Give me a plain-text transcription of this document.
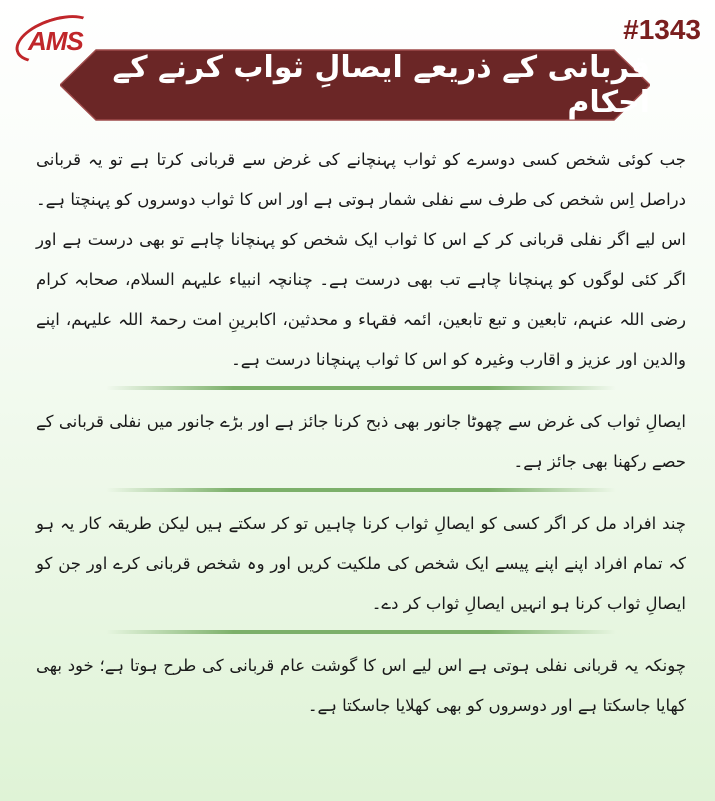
AMS	#1343
قربانی کے ذریعے ایصالِ ثواب کرنے کے احکام

جب کوئی شخص کسی دوسرے کو ثواب پہنچانے کی غرض سے قربانی کرتا ہے تو یہ قربانی دراصل اِس شخص کی طرف سے نفلی شمار ہوتی ہے اور اس کا ثواب دوسروں کو پہنچتا ہے۔ اس لیے اگر نفلی قربانی کر کے اس کا ثواب ایک شخص کو پہنچانا چاہے تو بھی درست ہے اور اگر کئی لوگوں کو پہنچانا چاہے تب بھی درست ہے۔ چنانچہ انبیاء علیہم السلام، صحابہ کرام رضی اللہ عنہم، تابعین و تبع تابعین، ائمہ فقہاء و محدثین، اکابرینِ امت رحمۃ اللہ علیہم، اپنے والدین اور عزیز و اقارب وغیرہ کو اس کا ثواب پہنچانا درست ہے۔

ایصالِ ثواب کی غرض سے چھوٹا جانور بھی ذبح کرنا جائز ہے اور بڑے جانور میں نفلی قربانی کے حصے رکھنا بھی جائز ہے۔

چند افراد مل کر اگر کسی کو ایصالِ ثواب کرنا چاہیں تو کر سکتے ہیں لیکن طریقہ کار یہ ہو کہ تمام افراد اپنے اپنے پیسے ایک شخص کی ملکیت کریں اور وہ شخص قربانی کرے اور جن کو ایصالِ ثواب کرنا ہو انہیں ایصالِ ثواب کر دے۔

چونکہ یہ قربانی نفلی ہوتی ہے اس لیے اس کا گوشت عام قربانی کی طرح ہوتا ہے؛ خود بھی کھایا جاسکتا ہے اور دوسروں کو بھی کھلایا جاسکتا ہے۔
